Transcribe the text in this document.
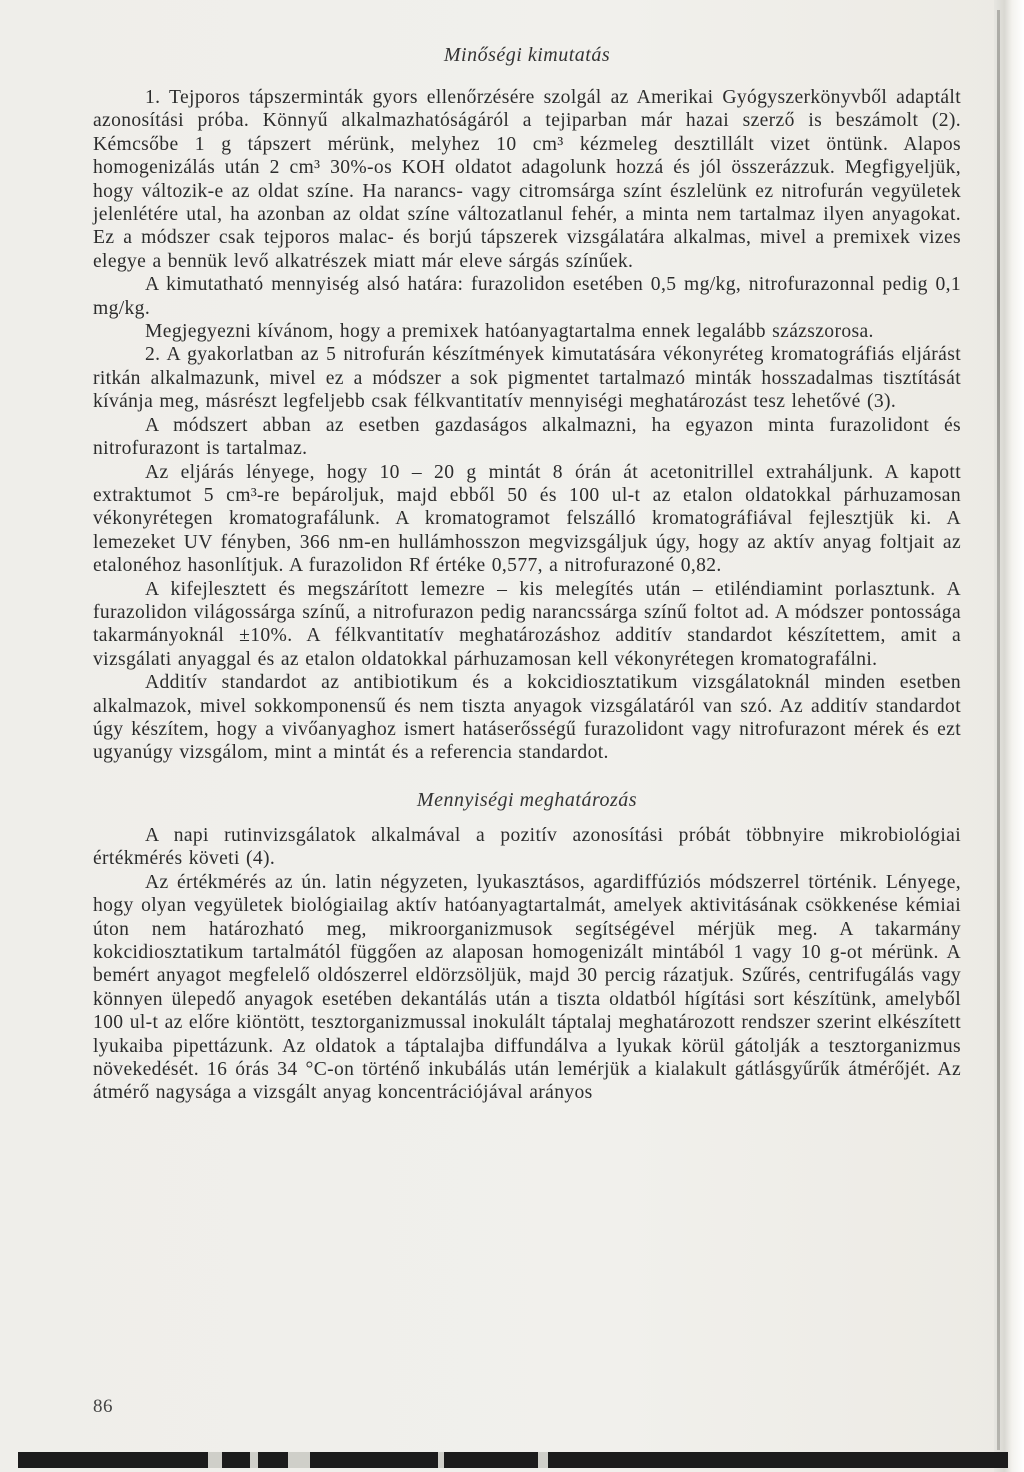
Minőségi kimutatás

1. Tejporos tápszerminták gyors ellenőrzésére szolgál az Amerikai Gyógyszerkönyvből adaptált azonosítási próba. Könnyű alkalmazhatóságáról a tejiparban már hazai szerző is beszámolt (2). Kémcsőbe 1 g tápszert mérünk, melyhez 10 cm³ kézmeleg desztillált vizet öntünk. Alapos homogenizálás után 2 cm³ 30%-os KOH oldatot adagolunk hozzá és jól összerázzuk. Megfigyeljük, hogy változik-e az oldat színe. Ha narancs- vagy citromsárga színt észlelünk ez nitrofurán vegyületek jelenlétére utal, ha azonban az oldat színe változatlanul fehér, a minta nem tartalmaz ilyen anyagokat. Ez a módszer csak tejporos malac- és borjú tápszerek vizsgálatára alkalmas, mivel a premixek vizes elegye a bennük levő alkatrészek miatt már eleve sárgás színűek.

A kimutatható mennyiség alsó határa: furazolidon esetében 0,5 mg/kg, nitrofurazonnal pedig 0,1 mg/kg.

Megjegyezni kívánom, hogy a premixek hatóanyagtartalma ennek legalább százszorosa.

2. A gyakorlatban az 5 nitrofurán készítmények kimutatására vékonyréteg kromatográfiás eljárást ritkán alkalmazunk, mivel ez a módszer a sok pigmentet tartalmazó minták hosszadalmas tisztítását kívánja meg, másrészt legfeljebb csak félkvantitatív mennyiségi meghatározást tesz lehetővé (3).

A módszert abban az esetben gazdaságos alkalmazni, ha egyazon minta furazolidont és nitrofurazont is tartalmaz.

Az eljárás lényege, hogy 10 – 20 g mintát 8 órán át acetonitrillel extraháljunk. A kapott extraktumot 5 cm³-re bepároljuk, majd ebből 50 és 100 ul-t az etalon oldatokkal párhuzamosan vékonyrétegen kromatografálunk. A kromatogramot felszálló kromatográfiával fejlesztjük ki. A lemezeket UV fényben, 366 nm-en hullámhosszon megvizsgáljuk úgy, hogy az aktív anyag foltjait az etalonéhoz hasonlítjuk. A furazolidon Rf értéke 0,577, a nitrofurazoné 0,82.

A kifejlesztett és megszárított lemezre – kis melegítés után – etiléndiamint porlasztunk. A furazolidon világossárga színű, a nitrofurazon pedig narancssárga színű foltot ad. A módszer pontossága takarmányoknál ±10%. A félkvantitatív meghatározáshoz additív standardot készítettem, amit a vizsgálati anyaggal és az etalon oldatokkal párhuzamosan kell vékonyrétegen kromatografálni.

Additív standardot az antibiotikum és a kokcidiosztatikum vizsgálatoknál minden esetben alkalmazok, mivel sokkomponensű és nem tiszta anyagok vizsgálatáról van szó. Az additív standardot úgy készítem, hogy a vivőanyaghoz ismert hatáserősségű furazolidont vagy nitrofurazont mérek és ezt ugyanúgy vizsgálom, mint a mintát és a referencia standardot.

Mennyiségi meghatározás

A napi rutinvizsgálatok alkalmával a pozitív azonosítási próbát többnyire mikrobiológiai értékmérés követi (4).

Az értékmérés az ún. latin négyzeten, lyukasztásos, agardiffúziós módszerrel történik. Lényege, hogy olyan vegyületek biológiailag aktív hatóanyagtartalmát, amelyek aktivitásának csökkenése kémiai úton nem határozható meg, mikroorganizmusok segítségével mérjük meg. A takarmány kokcidiosztatikum tartalmától függően az alaposan homogenizált mintából 1 vagy 10 g-ot mérünk. A bemért anyagot megfelelő oldószerrel eldörzsöljük, majd 30 percig rázatjuk. Szűrés, centrifugálás vagy könnyen ülepedő anyagok esetében dekantálás után a tiszta oldatból hígítási sort készítünk, amelyből 100 ul-t az előre kiöntött, tesztorganizmussal inokulált táptalaj meghatározott rendszer szerint elkészített lyukaiba pipettázunk. Az oldatok a táptalajba diffundálva a lyukak körül gátolják a tesztorganizmus növekedését. 16 órás 34 °C-on történő inkubálás után lemérjük a kialakult gátlásgyűrűk átmérőjét. Az átmérő nagysága a vizsgált anyag koncentrációjával arányos

86
